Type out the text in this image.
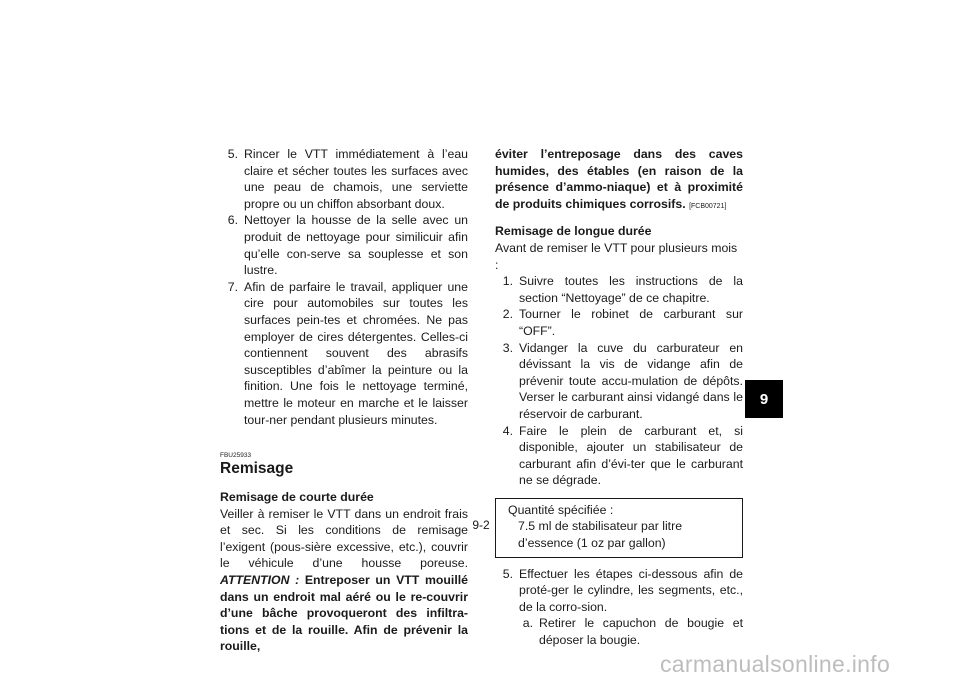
5. Rincer le VTT immédiatement à l’eau claire et sécher toutes les surfaces avec une peau de chamois, une serviette propre ou un chiffon absorbant doux.
6. Nettoyer la housse de la selle avec un produit de nettoyage pour similicuir afin qu’elle con-serve sa souplesse et son lustre.
7. Afin de parfaire le travail, appliquer une cire pour automobiles sur toutes les surfaces pein-tes et chromées. Ne pas employer de cires détergentes. Celles-ci contiennent souvent des abrasifs susceptibles d’abîmer la peinture ou la finition. Une fois le nettoyage terminé, mettre le moteur en marche et le laisser tour-ner pendant plusieurs minutes.
FBU25933
Remisage
Remisage de courte durée
Veiller à remiser le VTT dans un endroit frais et sec. Si les conditions de remisage l’exigent (pous-sière excessive, etc.), couvrir le véhicule d’une housse poreuse. ATTENTION : Entreposer un VTT mouillé dans un endroit mal aéré ou le re-couvrir d’une bâche provoqueront des infiltra-tions et de la rouille. Afin de prévenir la rouille,
éviter l’entreposage dans des caves humides, des étables (en raison de la présence d’ammo-niaque) et à proximité de produits chimiques corrosifs. [FCB00721]
Remisage de longue durée
Avant de remiser le VTT pour plusieurs mois :
1. Suivre toutes les instructions de la section “Nettoyage” de ce chapitre.
2. Tourner le robinet de carburant sur “OFF”.
3. Vidanger la cuve du carburateur en dévissant la vis de vidange afin de prévenir toute accu-mulation de dépôts. Verser le carburant ainsi vidangé dans le réservoir de carburant.
4. Faire le plein de carburant et, si disponible, ajouter un stabilisateur de carburant afin d’évi-ter que le carburant ne se dégrade.
Quantité spécifiée :
7.5 ml de stabilisateur par litre d’essence (1 oz par gallon)
5. Effectuer les étapes ci-dessous afin de proté-ger le cylindre, les segments, etc., de la corro-sion.
a. Retirer le capuchon de bougie et déposer la bougie.
9
9-2
carmanualsonline.info
